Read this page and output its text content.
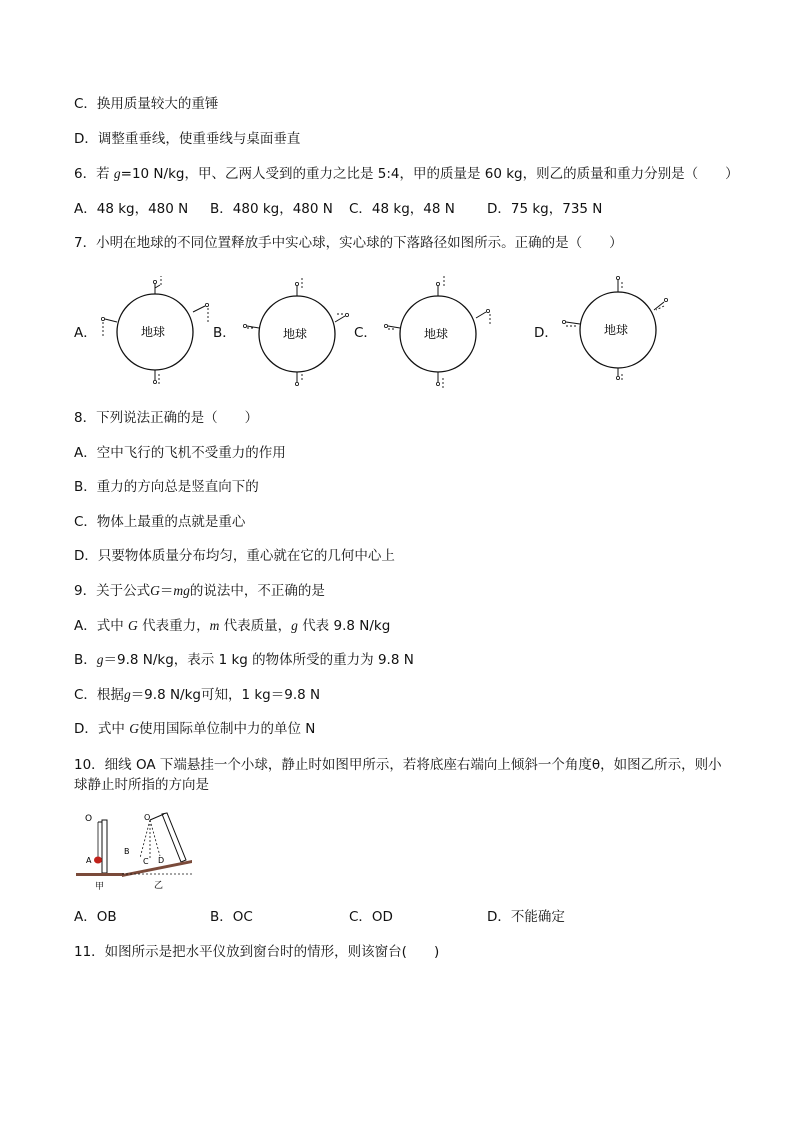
C．换用质量较大的重锤
D．调整重垂线，使重垂线与桌面垂直
6．若 g=10 N/kg，甲、乙两人受到的重力之比是 5:4，甲的质量是 60 kg，则乙的质量和重力分别是（　　）
A．48 kg，480 N B．480 kg，480 N C．48 kg，48 N D．75 kg，735 N
7．小明在地球的不同位置释放手中实心球，实心球的下落路径如图所示。正确的是（　　）
A．	B．	C．	D．
地球	地球	地球	地球
8．下列说法正确的是（　　）
A．空中飞行的飞机不受重力的作用
B．重力的方向总是竖直向下的
C．物体上最重的点就是重心
D．只要物体质量分布均匀，重心就在它的几何中心上
9．关于公式G＝mg的说法中，不正确的是
A．式中 G 代表重力，m 代表质量，g 代表 9.8 N/kg
B．g＝9.8 N/kg，表示 1 kg 的物体所受的重力为 9.8 N
C．根据g＝9.8 N/kg可知，1 kg＝9.8 N
D．式中 G使用国际单位制中力的单位 N
10．细线 OA 下端悬挂一个小球，静止时如图甲所示，若将底座右端向上倾斜一个角度θ，如图乙所示，则小球静止时所指的方向是
O
A
甲
B
O
C D
乙
A．OB	B．OC	C．OD	D．不能确定
11．如图所示是把水平仪放到窗台时的情形，则该窗台(　　)
